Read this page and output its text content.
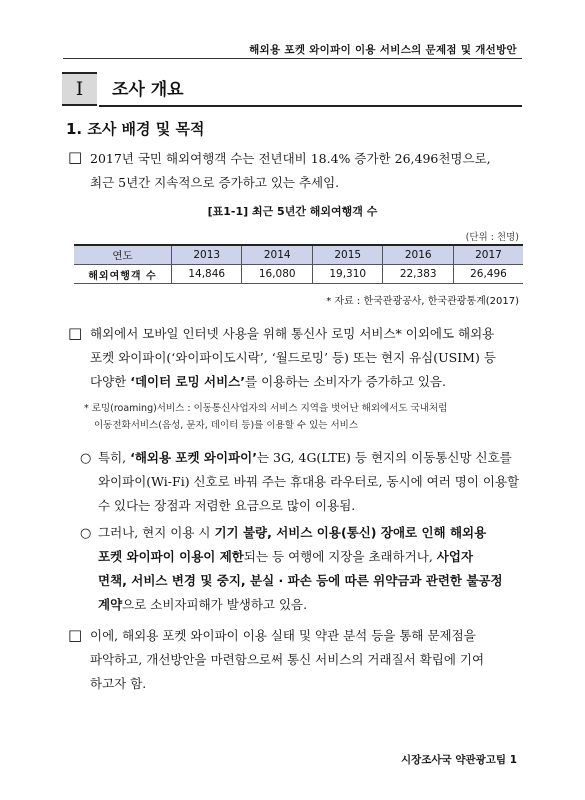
해외용 포켓 와이파이 이용 서비스의 문제점 및 개선방안
Ⅰ	조사 개요
1. 조사 배경 및 목적
□ 2017년 국민 해외여행객 수는 전년대비 18.4% 증가한 26,496천명으로,
최근 5년간 지속적으로 증가하고 있는 추세임.
[표1-1] 최근 5년간 해외여행객 수
(단위 : 천명)
연도	2013	2014	2015	2016	2017
해외여행객 수	14,846	16,080	19,310	22,383	26,496
* 자료 : 한국관광공사, 한국관광통계(2017)
□ 해외에서 모바일 인터넷 사용을 위해 통신사 로밍 서비스* 이외에도 해외용
포켓 와이파이(‘와이파이도시락’, ‘월드로밍’ 등) 또는 현지 유심(USIM) 등
다양한 ‘데이터 로밍 서비스’를 이용하는 소비자가 증가하고 있음.
* 로밍(roaming)서비스 : 이동통신사업자의 서비스 지역을 벗어난 해외에서도 국내처럼
이동전화서비스(음성, 문자, 데이터 등)를 이용할 수 있는 서비스
○ 특히, ‘해외용 포켓 와이파이’는 3G, 4G(LTE) 등 현지의 이동통신망 신호를
와이파이(Wi-Fi) 신호로 바꿔 주는 휴대용 라우터로, 동시에 여러 명이 이용할
수 있다는 장점과 저렴한 요금으로 많이 이용됨.
○ 그러나, 현지 이용 시 기기 불량, 서비스 이용(통신) 장애로 인해 해외용
포켓 와이파이 이용이 제한되는 등 여행에 지장을 초래하거나, 사업자
면책, 서비스 변경 및 중지, 분실 · 파손 등에 따른 위약금과 관련한 불공정
계약으로 소비자피해가 발생하고 있음.
□ 이에, 해외용 포켓 와이파이 이용 실태 및 약관 분석 등을 통해 문제점을
파악하고, 개선방안을 마련함으로써 통신 서비스의 거래질서 확립에 기여
하고자 함.
시장조사국 약관광고팀 1
